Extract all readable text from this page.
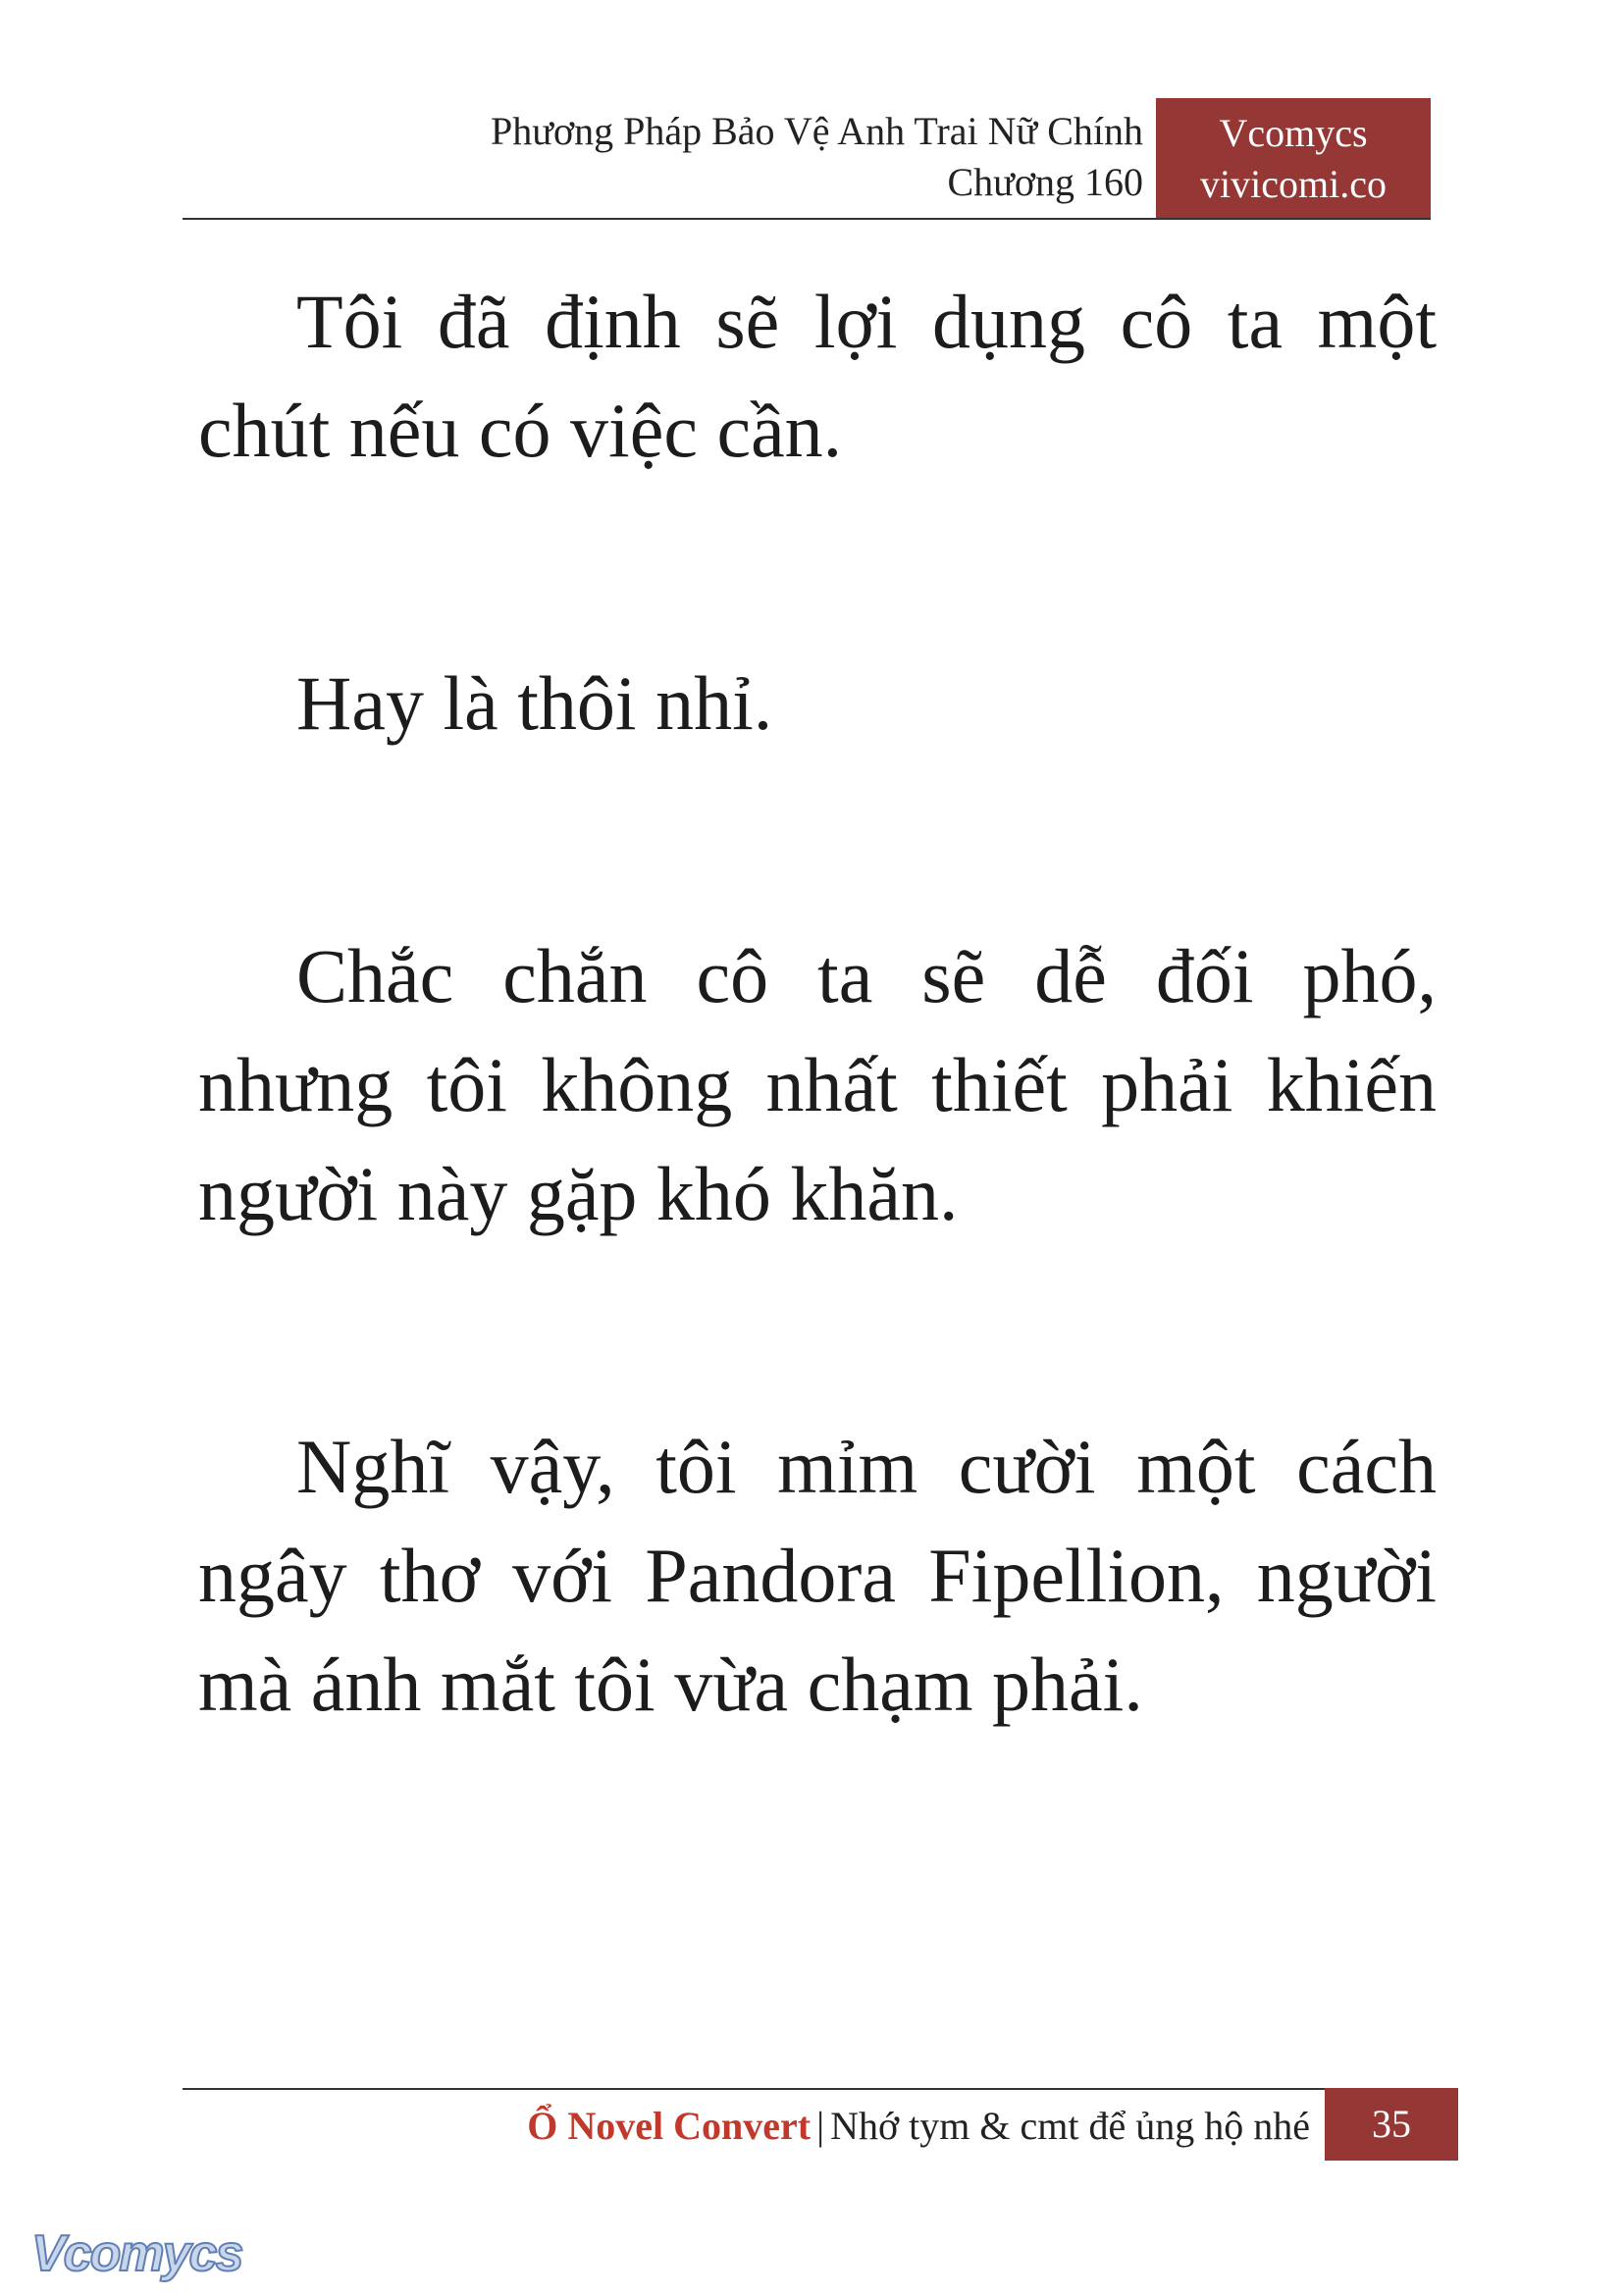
Phương Pháp Bảo Vệ Anh Trai Nữ Chính
Chương 160
Vcomycs
vivicomi.co

Tôi đã định sẽ lợi dụng cô ta một chút nếu có việc cần.

Hay là thôi nhỉ.

Chắc chắn cô ta sẽ dễ đối phó, nhưng tôi không nhất thiết phải khiến người này gặp khó khăn.

Nghĩ vậy, tôi mỉm cười một cách ngây thơ với Pandora Fipellion, người mà ánh mắt tôi vừa chạm phải.

Ổ Novel Convert | Nhớ tym & cmt để ủng hộ nhé	35
Vcomycs
